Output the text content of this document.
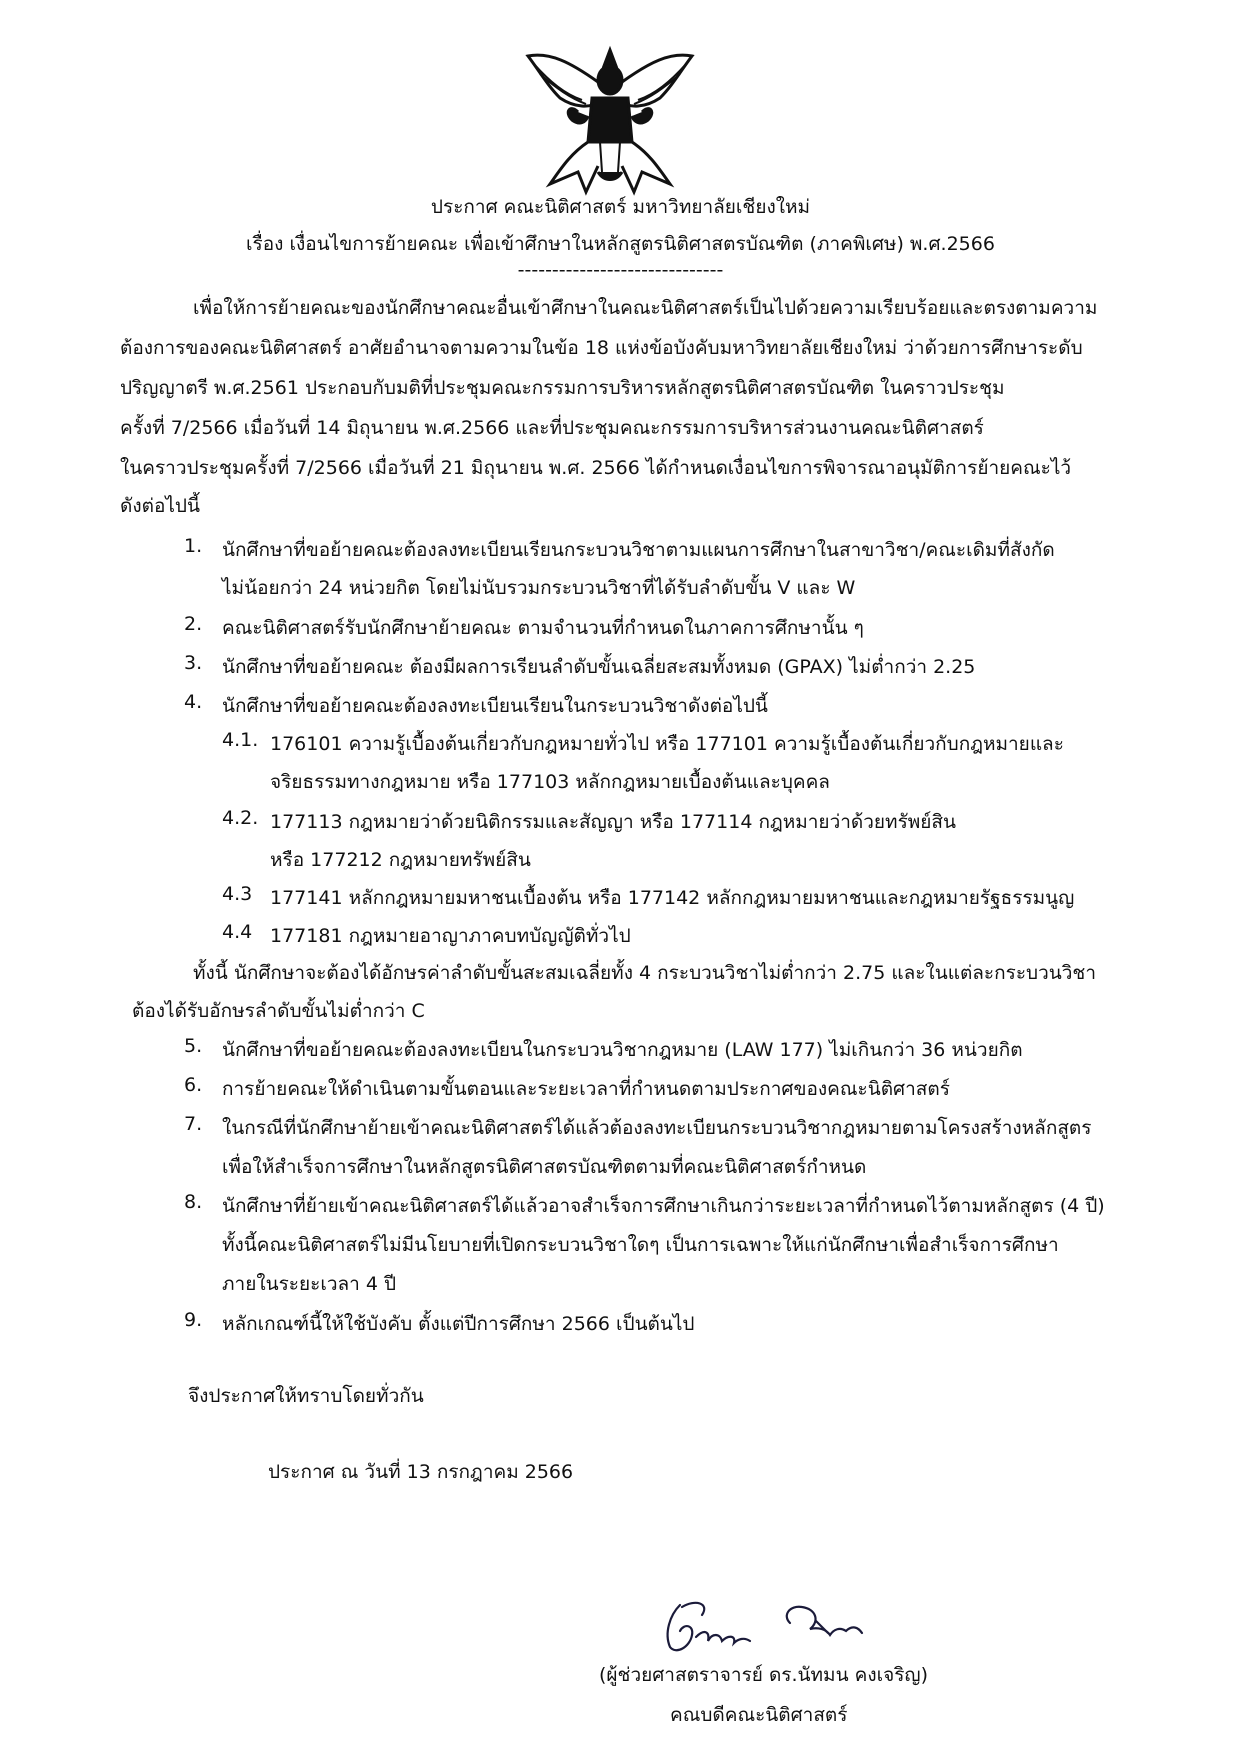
ประกาศ คณะนิติศาสตร์ มหาวิทยาลัยเชียงใหม่
เรื่อง เงื่อนไขการย้ายคณะ เพื่อเข้าศึกษาในหลักสูตรนิติศาสตรบัณฑิต (ภาคพิเศษ) พ.ศ.2566
------------------------------
เพื่อให้การย้ายคณะของนักศึกษาคณะอื่นเข้าศึกษาในคณะนิติศาสตร์เป็นไปด้วยความเรียบร้อยและตรงตามความ
ต้องการของคณะนิติศาสตร์ อาศัยอำนาจตามความในข้อ 18 แห่งข้อบังคับมหาวิทยาลัยเชียงใหม่ ว่าด้วยการศึกษาระดับ
ปริญญาตรี พ.ศ.2561 ประกอบกับมติที่ประชุมคณะกรรมการบริหารหลักสูตรนิติศาสตรบัณฑิต ในคราวประชุม
ครั้งที่ 7/2566 เมื่อวันที่ 14 มิถุนายน พ.ศ.2566 และที่ประชุมคณะกรรมการบริหารส่วนงานคณะนิติศาสตร์
ในคราวประชุมครั้งที่ 7/2566 เมื่อวันที่ 21 มิถุนายน พ.ศ. 2566 ได้กำหนดเงื่อนไขการพิจารณาอนุมัติการย้ายคณะไว้
ดังต่อไปนี้
1. นักศึกษาที่ขอย้ายคณะต้องลงทะเบียนเรียนกระบวนวิชาตามแผนการศึกษาในสาขาวิชา/คณะเดิมที่สังกัด
ไม่น้อยกว่า 24 หน่วยกิต โดยไม่นับรวมกระบวนวิชาที่ได้รับลำดับขั้น V และ W
2. คณะนิติศาสตร์รับนักศึกษาย้ายคณะ ตามจำนวนที่กำหนดในภาคการศึกษานั้น ๆ
3. นักศึกษาที่ขอย้ายคณะ ต้องมีผลการเรียนลำดับขั้นเฉลี่ยสะสมทั้งหมด (GPAX) ไม่ต่ำกว่า 2.25
4. นักศึกษาที่ขอย้ายคณะต้องลงทะเบียนเรียนในกระบวนวิชาดังต่อไปนี้
4.1. 176101 ความรู้เบื้องต้นเกี่ยวกับกฎหมายทั่วไป หรือ 177101 ความรู้เบื้องต้นเกี่ยวกับกฎหมายและ
จริยธรรมทางกฎหมาย หรือ 177103 หลักกฎหมายเบื้องต้นและบุคคล
4.2. 177113 กฎหมายว่าด้วยนิติกรรมและสัญญา หรือ 177114 กฎหมายว่าด้วยทรัพย์สิน
หรือ 177212 กฎหมายทรัพย์สิน
4.3 177141 หลักกฎหมายมหาชนเบื้องต้น หรือ 177142 หลักกฎหมายมหาชนและกฎหมายรัฐธรรมนูญ
4.4 177181 กฎหมายอาญาภาคบทบัญญัติทั่วไป
ทั้งนี้ นักศึกษาจะต้องได้อักษรค่าลำดับขั้นสะสมเฉลี่ยทั้ง 4 กระบวนวิชาไม่ต่ำกว่า 2.75 และในแต่ละกระบวนวิชา
ต้องได้รับอักษรลำดับขั้นไม่ต่ำกว่า C
5. นักศึกษาที่ขอย้ายคณะต้องลงทะเบียนในกระบวนวิชากฎหมาย (LAW 177) ไม่เกินกว่า 36 หน่วยกิต
6. การย้ายคณะให้ดำเนินตามขั้นตอนและระยะเวลาที่กำหนดตามประกาศของคณะนิติศาสตร์
7. ในกรณีที่นักศึกษาย้ายเข้าคณะนิติศาสตร์ได้แล้วต้องลงทะเบียนกระบวนวิชากฎหมายตามโครงสร้างหลักสูตร
เพื่อให้สำเร็จการศึกษาในหลักสูตรนิติศาสตรบัณฑิตตามที่คณะนิติศาสตร์กำหนด
8. นักศึกษาที่ย้ายเข้าคณะนิติศาสตร์ได้แล้วอาจสำเร็จการศึกษาเกินกว่าระยะเวลาที่กำหนดไว้ตามหลักสูตร (4 ปี)
ทั้งนี้คณะนิติศาสตร์ไม่มีนโยบายที่เปิดกระบวนวิชาใดๆ เป็นการเฉพาะให้แก่นักศึกษาเพื่อสำเร็จการศึกษา
ภายในระยะเวลา 4 ปี
9. หลักเกณฑ์นี้ให้ใช้บังคับ ตั้งแต่ปีการศึกษา 2566 เป็นต้นไป
จึงประกาศให้ทราบโดยทั่วกัน
ประกาศ ณ วันที่ 13 กรกฎาคม 2566
(ผู้ช่วยศาสตราจารย์ ดร.นัทมน คงเจริญ)
คณบดีคณะนิติศาสตร์
